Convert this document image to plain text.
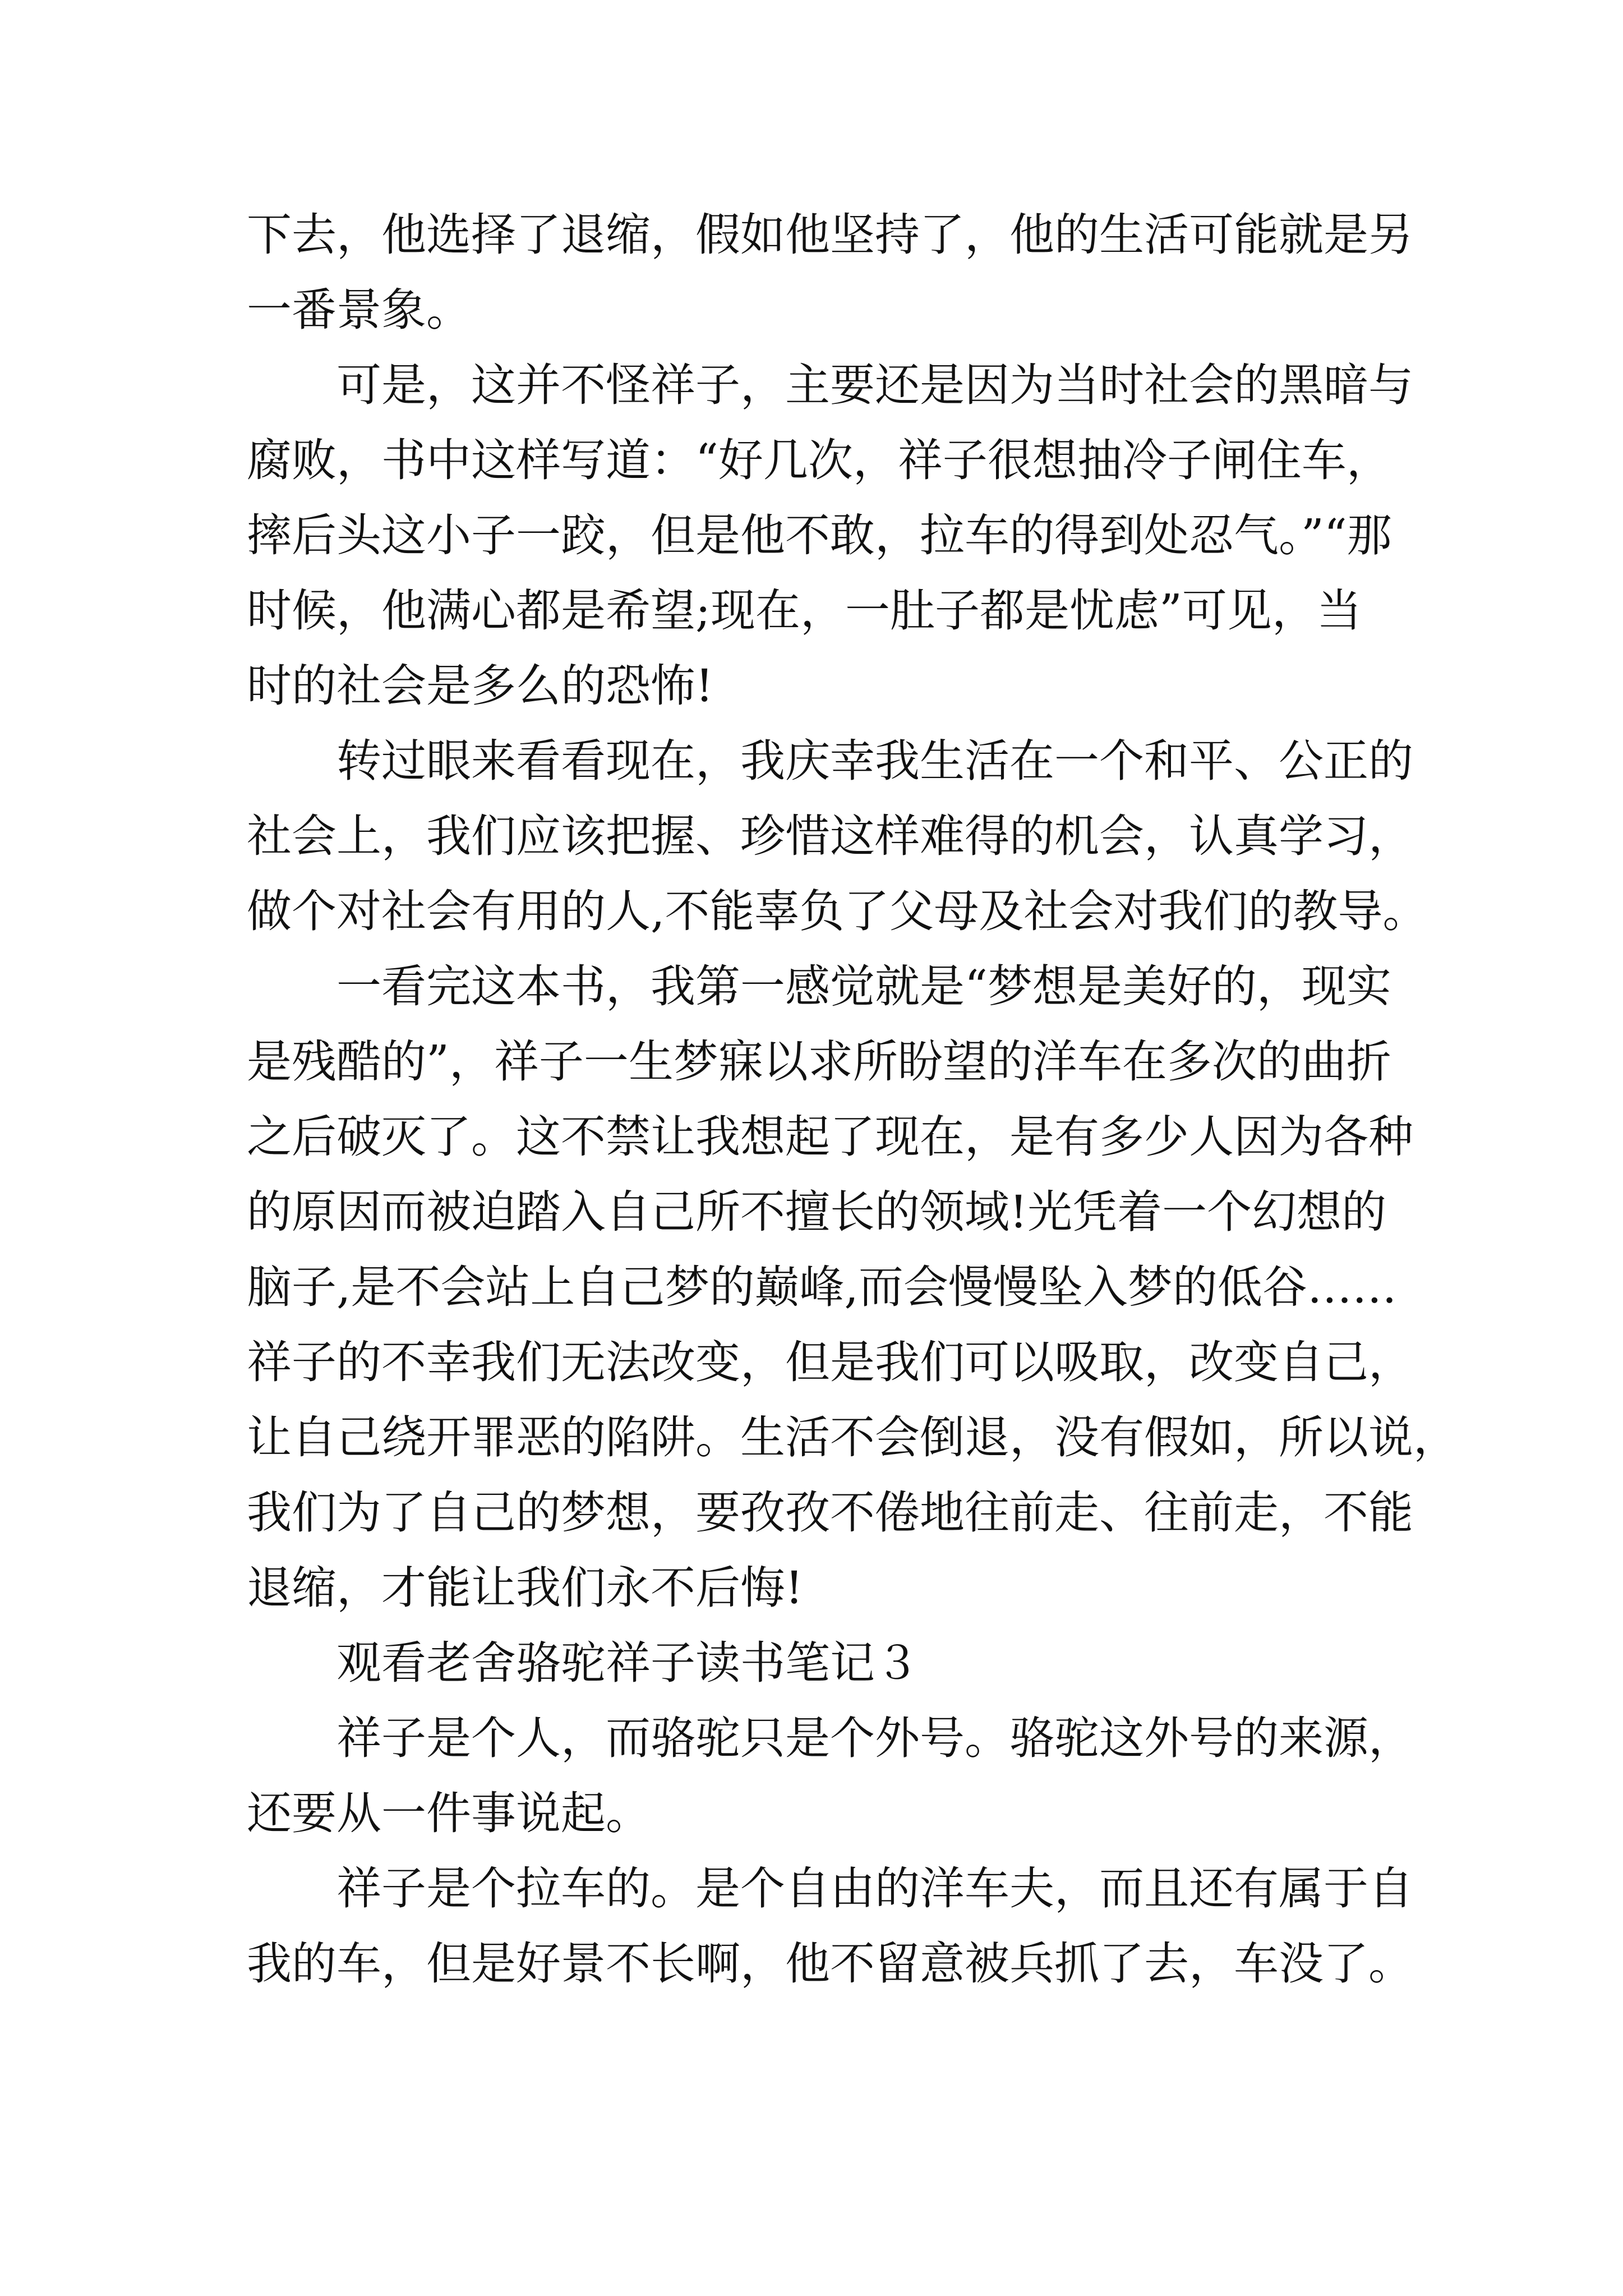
下去，他选择了退缩，假如他坚持了，他的生活可能就是另
一番景象。
可是，这并不怪祥子，主要还是因为当时社会的黑暗与
腐败，书中这样写道：“好几次，祥子很想抽冷子闸住车，
摔后头这小子一跤，但是他不敢，拉车的得到处忍气。”“那
时候，他满心都是希望;现在，一肚子都是忧虑”可见，当
时的社会是多么的恐怖!
转过眼来看看现在，我庆幸我生活在一个和平、公正的
社会上，我们应该把握、珍惜这样难得的机会，认真学习，
做个对社会有用的人,不能辜负了父母及社会对我们的教导。
一看完这本书，我第一感觉就是“梦想是美好的，现实
是残酷的”，祥子一生梦寐以求所盼望的洋车在多次的曲折
之后破灭了。这不禁让我想起了现在，是有多少人因为各种
的原因而被迫踏入自己所不擅长的领域!光凭着一个幻想的
脑子,是不会站上自己梦的巅峰,而会慢慢坠入梦的低谷……
祥子的不幸我们无法改变，但是我们可以吸取，改变自己，
让自己绕开罪恶的陷阱。生活不会倒退，没有假如，所以说，
我们为了自己的梦想，要孜孜不倦地往前走、往前走，不能
退缩，才能让我们永不后悔!
观看老舍骆驼祥子读书笔记３
祥子是个人，而骆驼只是个外号。骆驼这外号的来源，
还要从一件事说起。
祥子是个拉车的。是个自由的洋车夫，而且还有属于自
我的车，但是好景不长啊，他不留意被兵抓了去，车没了。
